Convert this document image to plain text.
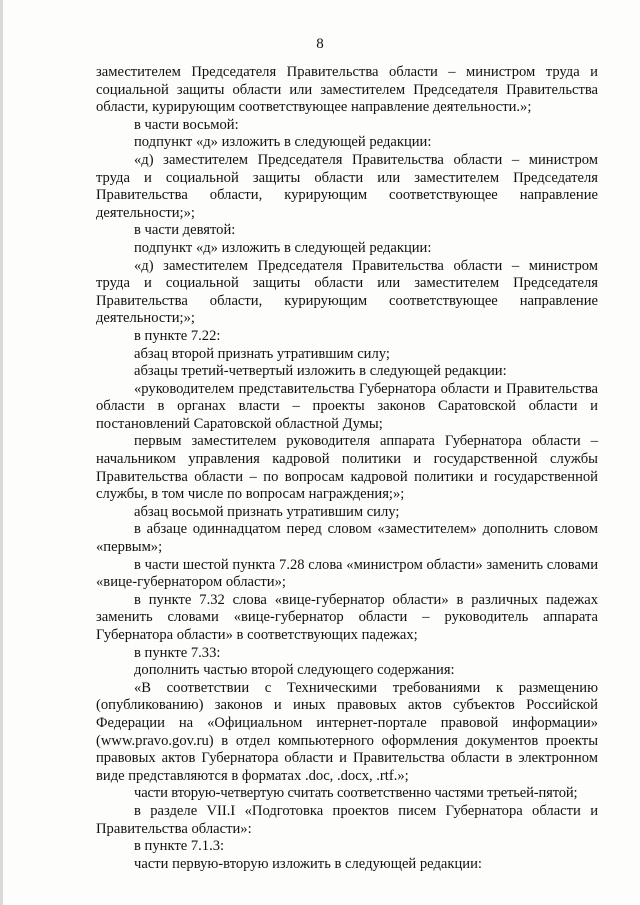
8

заместителем Председателя Правительства области – министром труда и социальной защиты области или заместителем Председателя Правительства области, курирующим соответствующее направление деятельности.»;

в части восьмой:

подпункт «д» изложить в следующей редакции:

«д) заместителем Председателя Правительства области – министром труда и социальной защиты области или заместителем Председателя Правительства области, курирующим соответствующее направление деятельности;»;

в части девятой:

подпункт «д» изложить в следующей редакции:

«д) заместителем Председателя Правительства области – министром труда и социальной защиты области или заместителем Председателя Правительства области, курирующим соответствующее направление деятельности;»;

в пункте 7.22:

абзац второй признать утратившим силу;

абзацы третий-четвертый изложить в следующей редакции:

«руководителем представительства Губернатора области и Правительства области в органах власти – проекты законов Саратовской области и постановлений Саратовской областной Думы;

первым заместителем руководителя аппарата Губернатора области – начальником управления кадровой политики и государственной службы Правительства области – по вопросам кадровой политики и государственной службы, в том числе по вопросам награждения;»;

абзац восьмой признать утратившим силу;

в абзаце одиннадцатом перед словом «заместителем» дополнить словом «первым»;

в части шестой пункта 7.28 слова «министром области» заменить словами «вице-губернатором области»;

в пункте 7.32 слова «вице-губернатор области» в различных падежах заменить словами «вице-губернатор области – руководитель аппарата Губернатора области» в соответствующих падежах;

в пункте 7.33:

дополнить частью второй следующего содержания:

«В соответствии с Техническими требованиями к размещению (опубликованию) законов и иных правовых актов субъектов Российской Федерации на «Официальном интернет-портале правовой информации» (www.pravo.gov.ru) в отдел компьютерного оформления документов проекты правовых актов Губернатора области и Правительства области в электронном виде представляются в форматах .doc, .docx, .rtf.»;

части вторую-четвертую считать соответственно частями третьей-пятой;

в разделе VII.I «Подготовка проектов писем Губернатора области и Правительства области»:

в пункте 7.1.3:

части первую-вторую изложить в следующей редакции:
